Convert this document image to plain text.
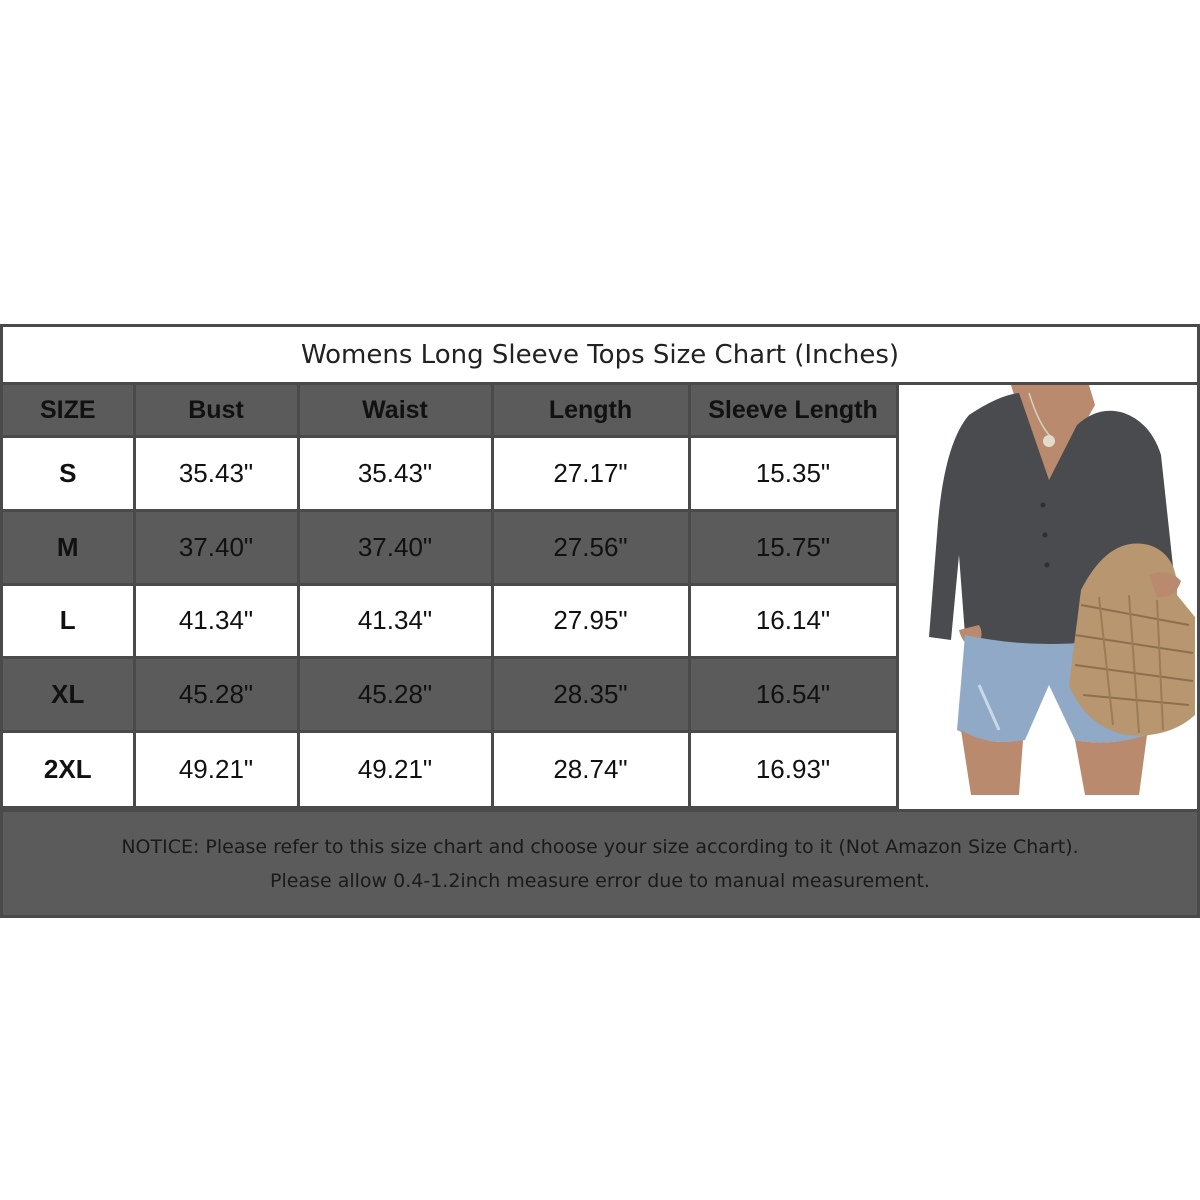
Womens Long Sleeve Tops Size Chart (Inches)
SIZE	Bust	Waist	Length	Sleeve Length
S	35.43"	35.43"	27.17"	15.35"
M	37.40"	37.40"	27.56"	15.75"
L	41.34"	41.34"	27.95"	16.14"
XL	45.28"	45.28"	28.35"	16.54"
2XL	49.21"	49.21"	28.74"	16.93"
NOTICE: Please refer to this size chart and choose your size according to it (Not Amazon Size Chart).
Please allow 0.4-1.2inch measure error due to manual measurement.
